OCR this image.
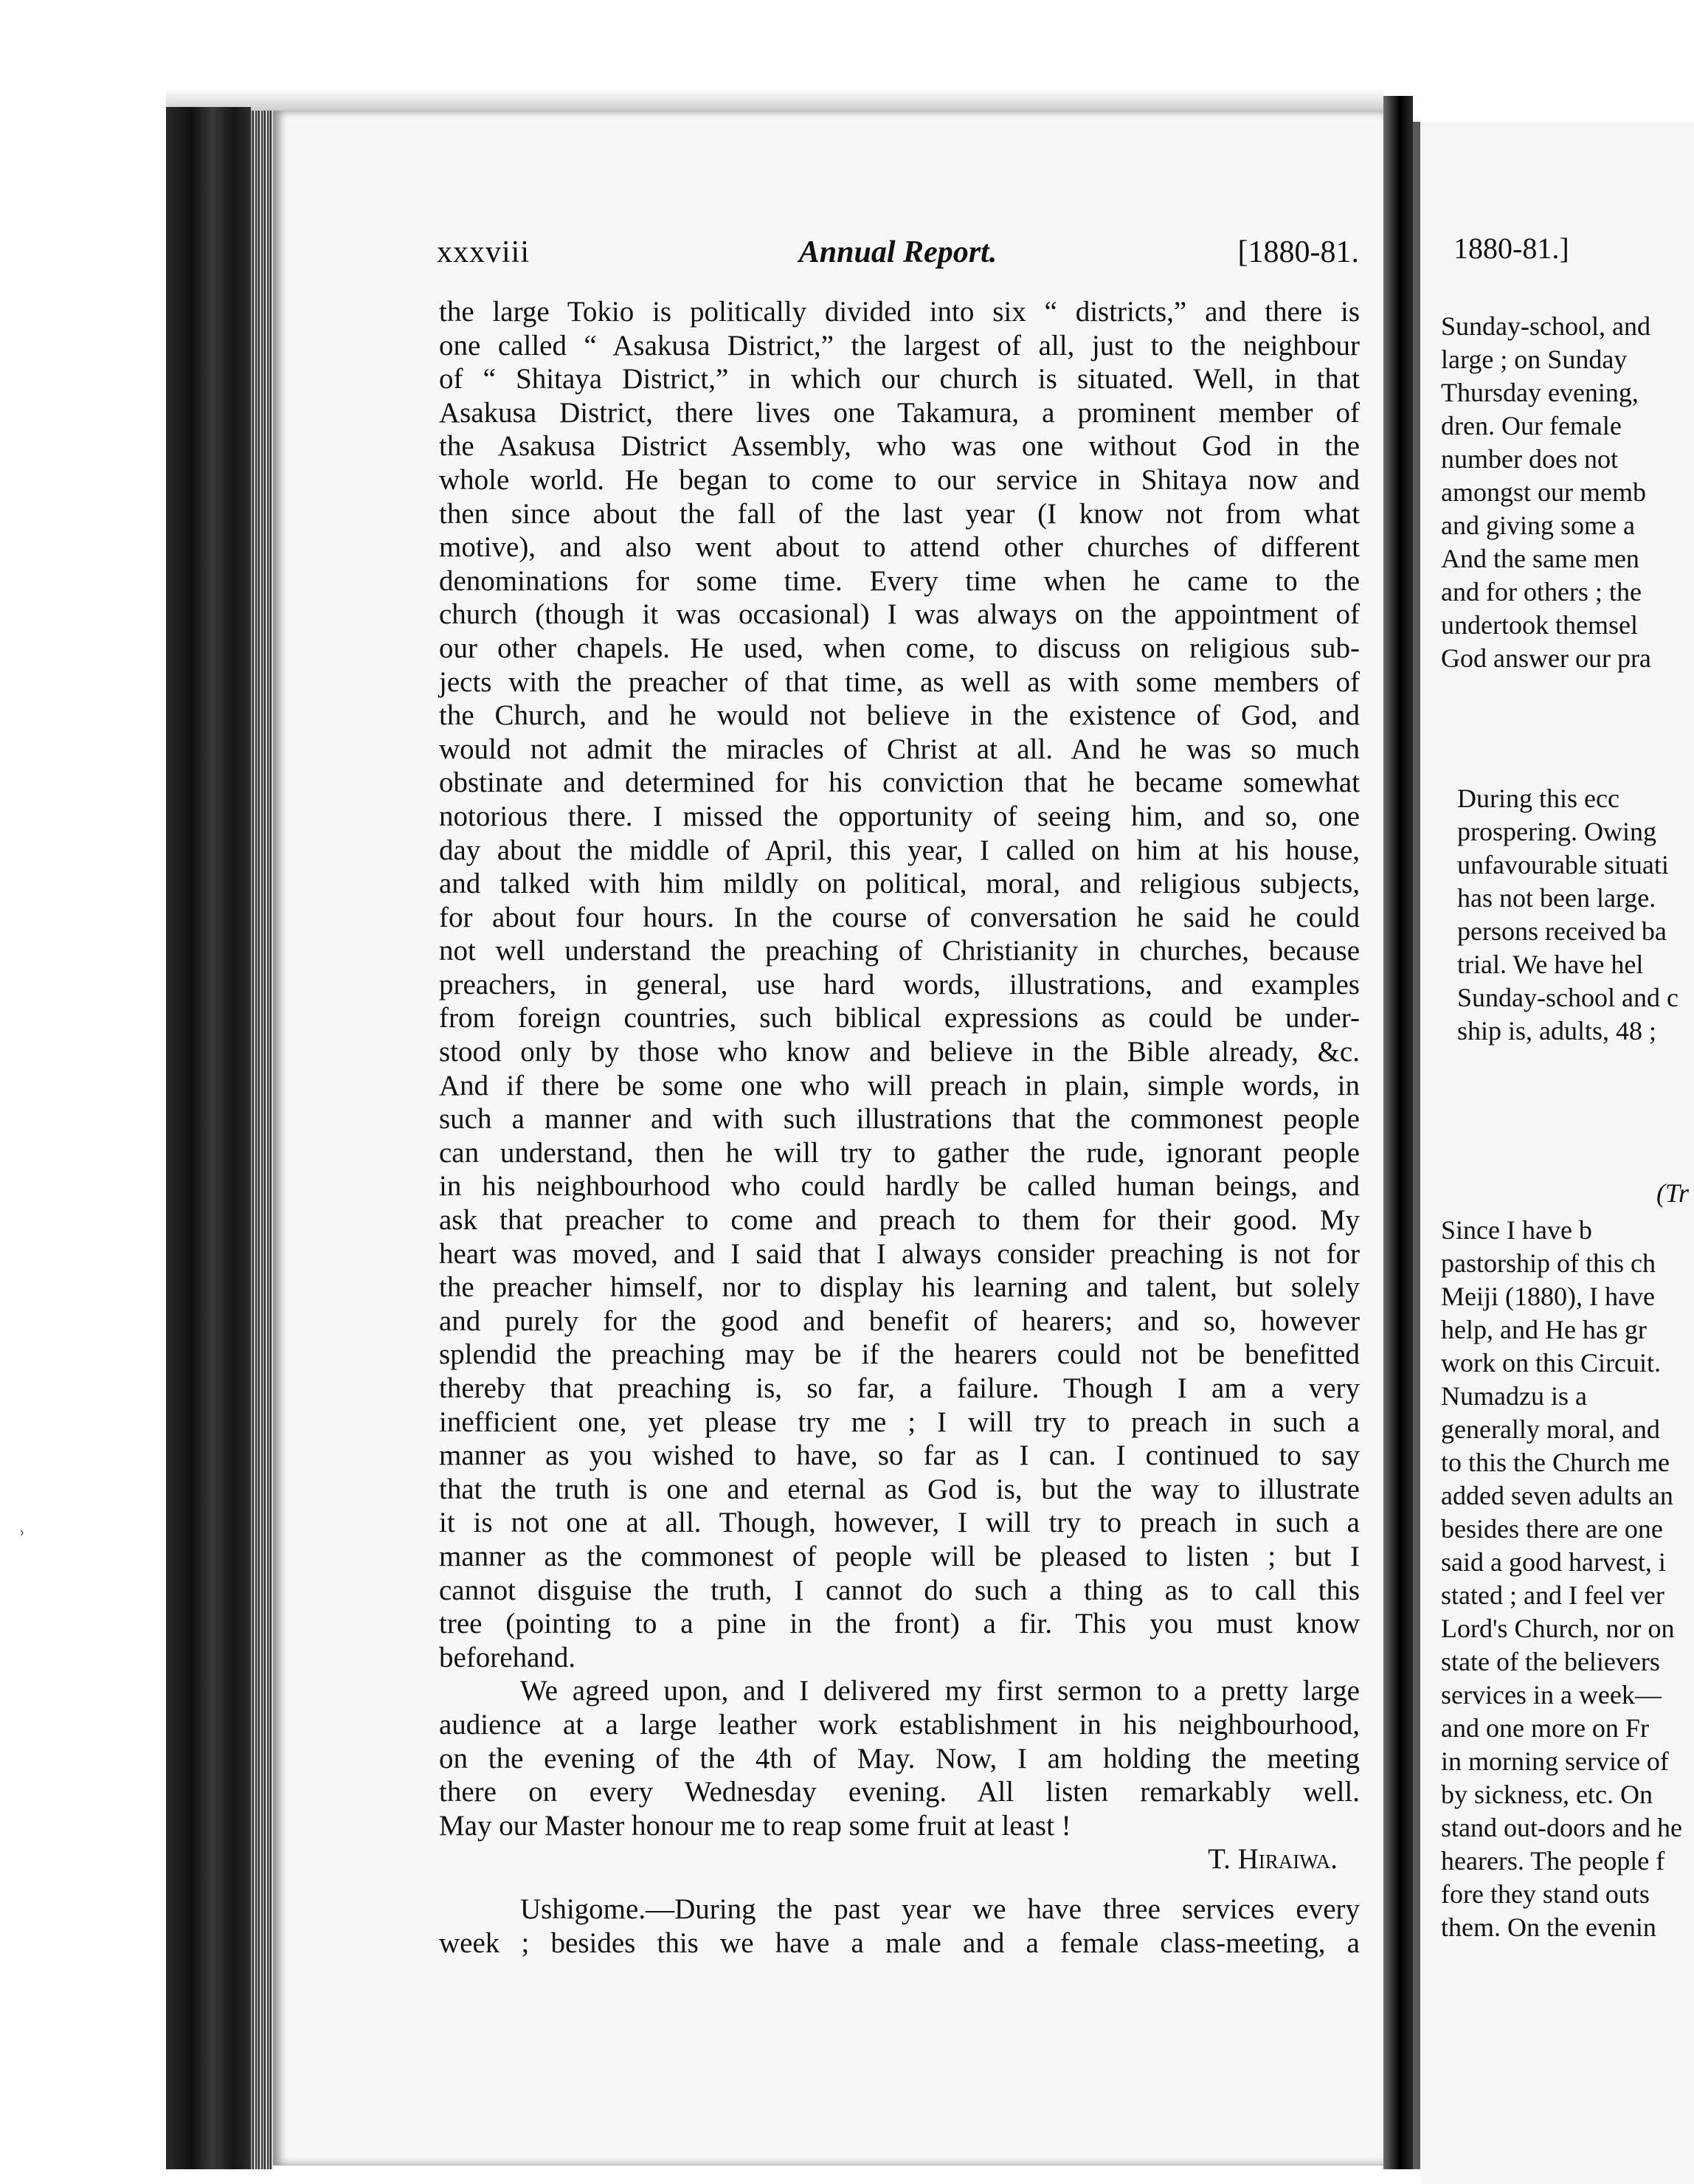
ʾ
xxxviii	Annual Report.	[1880-81.
the large Tokio is politically divided into six “ districts,” and there is
one called “ Asakusa District,” the largest of all, just to the neighbour
of “ Shitaya District,” in which our church is situated. Well, in that
Asakusa District, there lives one Takamura, a prominent member of
the Asakusa District Assembly, who was one without God in the
whole world. He began to come to our service in Shitaya now and
then since about the fall of the last year (I know not from what
motive), and also went about to attend other churches of different
denominations for some time. Every time when he came to the
church (though it was occasional) I was always on the appointment of
our other chapels. He used, when come, to discuss on religious sub-
jects with the preacher of that time, as well as with some members of
the Church, and he would not believe in the existence of God, and
would not admit the miracles of Christ at all. And he was so much
obstinate and determined for his conviction that he became somewhat
notorious there. I missed the opportunity of seeing him, and so, one
day about the middle of April, this year, I called on him at his house,
and talked with him mildly on political, moral, and religious subjects,
for about four hours. In the course of conversation he said he could
not well understand the preaching of Christianity in churches, because
preachers, in general, use hard words, illustrations, and examples
from foreign countries, such biblical expressions as could be under-
stood only by those who know and believe in the Bible already, &c.
And if there be some one who will preach in plain, simple words, in
such a manner and with such illustrations that the commonest people
can understand, then he will try to gather the rude, ignorant people
in his neighbourhood who could hardly be called human beings, and
ask that preacher to come and preach to them for their good. My
heart was moved, and I said that I always consider preaching is not for
the preacher himself, nor to display his learning and talent, but solely
and purely for the good and benefit of hearers; and so, however
splendid the preaching may be if the hearers could not be benefitted
thereby that preaching is, so far, a failure. Though I am a very
inefficient one, yet please try me ; I will try to preach in such a
manner as you wished to have, so far as I can. I continued to say
that the truth is one and eternal as God is, but the way to illustrate
it is not one at all. Though, however, I will try to preach in such a
manner as the commonest of people will be pleased to listen ; but I
cannot disguise the truth, I cannot do such a thing as to call this
tree (pointing to a pine in the front) a fir. This you must know
beforehand.
We agreed upon, and I delivered my first sermon to a pretty large
audience at a large leather work establishment in his neighbourhood,
on the evening of the 4th of May. Now, I am holding the meeting
there on every Wednesday evening. All listen remarkably well.
May our Master honour me to reap some fruit at least !
T. Hiraiwa.
Ushigome.—During the past year we have three services every
week ; besides this we have a male and a female class-meeting, a
1880-81.]
Sunday-school, and
large ; on Sunday
Thursday evening,
dren. Our female
number does not
amongst our memb
and giving some a
And the same men
and for others ; the
undertook themsel
God answer our pra
During this ecc
prospering. Owing
unfavourable situati
has not been large.
persons received ba
trial. We have hel
Sunday-school and c
ship is, adults, 48 ;
(Tr
Since I have b
pastorship of this ch
Meiji (1880), I have
help, and He has gr
work on this Circuit.
Numadzu is a
generally moral, and
to this the Church me
added seven adults an
besides there are one
said a good harvest, i
stated ; and I feel ver
Lord's Church, nor on
state of the believers
services in a week—
and one more on Fr
in morning service of
by sickness, etc. On
stand out-doors and he
hearers. The people f
fore they stand outs
them. On the evenin
